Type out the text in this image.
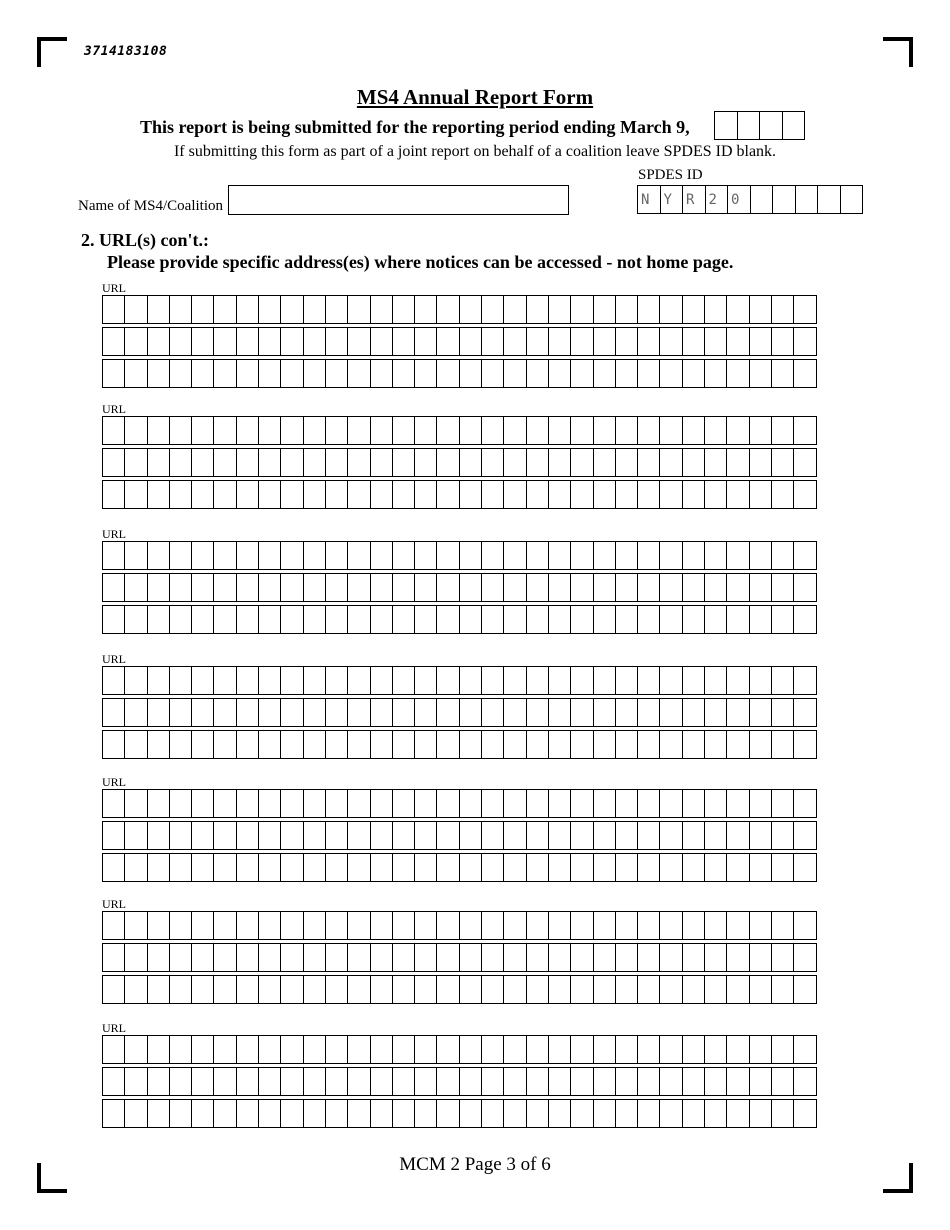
3714183108
MS4 Annual Report Form
This report is being submitted for the reporting period ending March 9,
If submitting this form as part of a joint report on behalf of a coalition leave SPDES ID blank.
SPDES ID
N	Y	R	2	0
Name of MS4/Coalition
2. URL(s) con't.:
Please provide specific address(es) where notices can be accessed - not home page.
URL
URL
URL
URL
URL
URL
URL
MCM 2 Page 3 of 6
